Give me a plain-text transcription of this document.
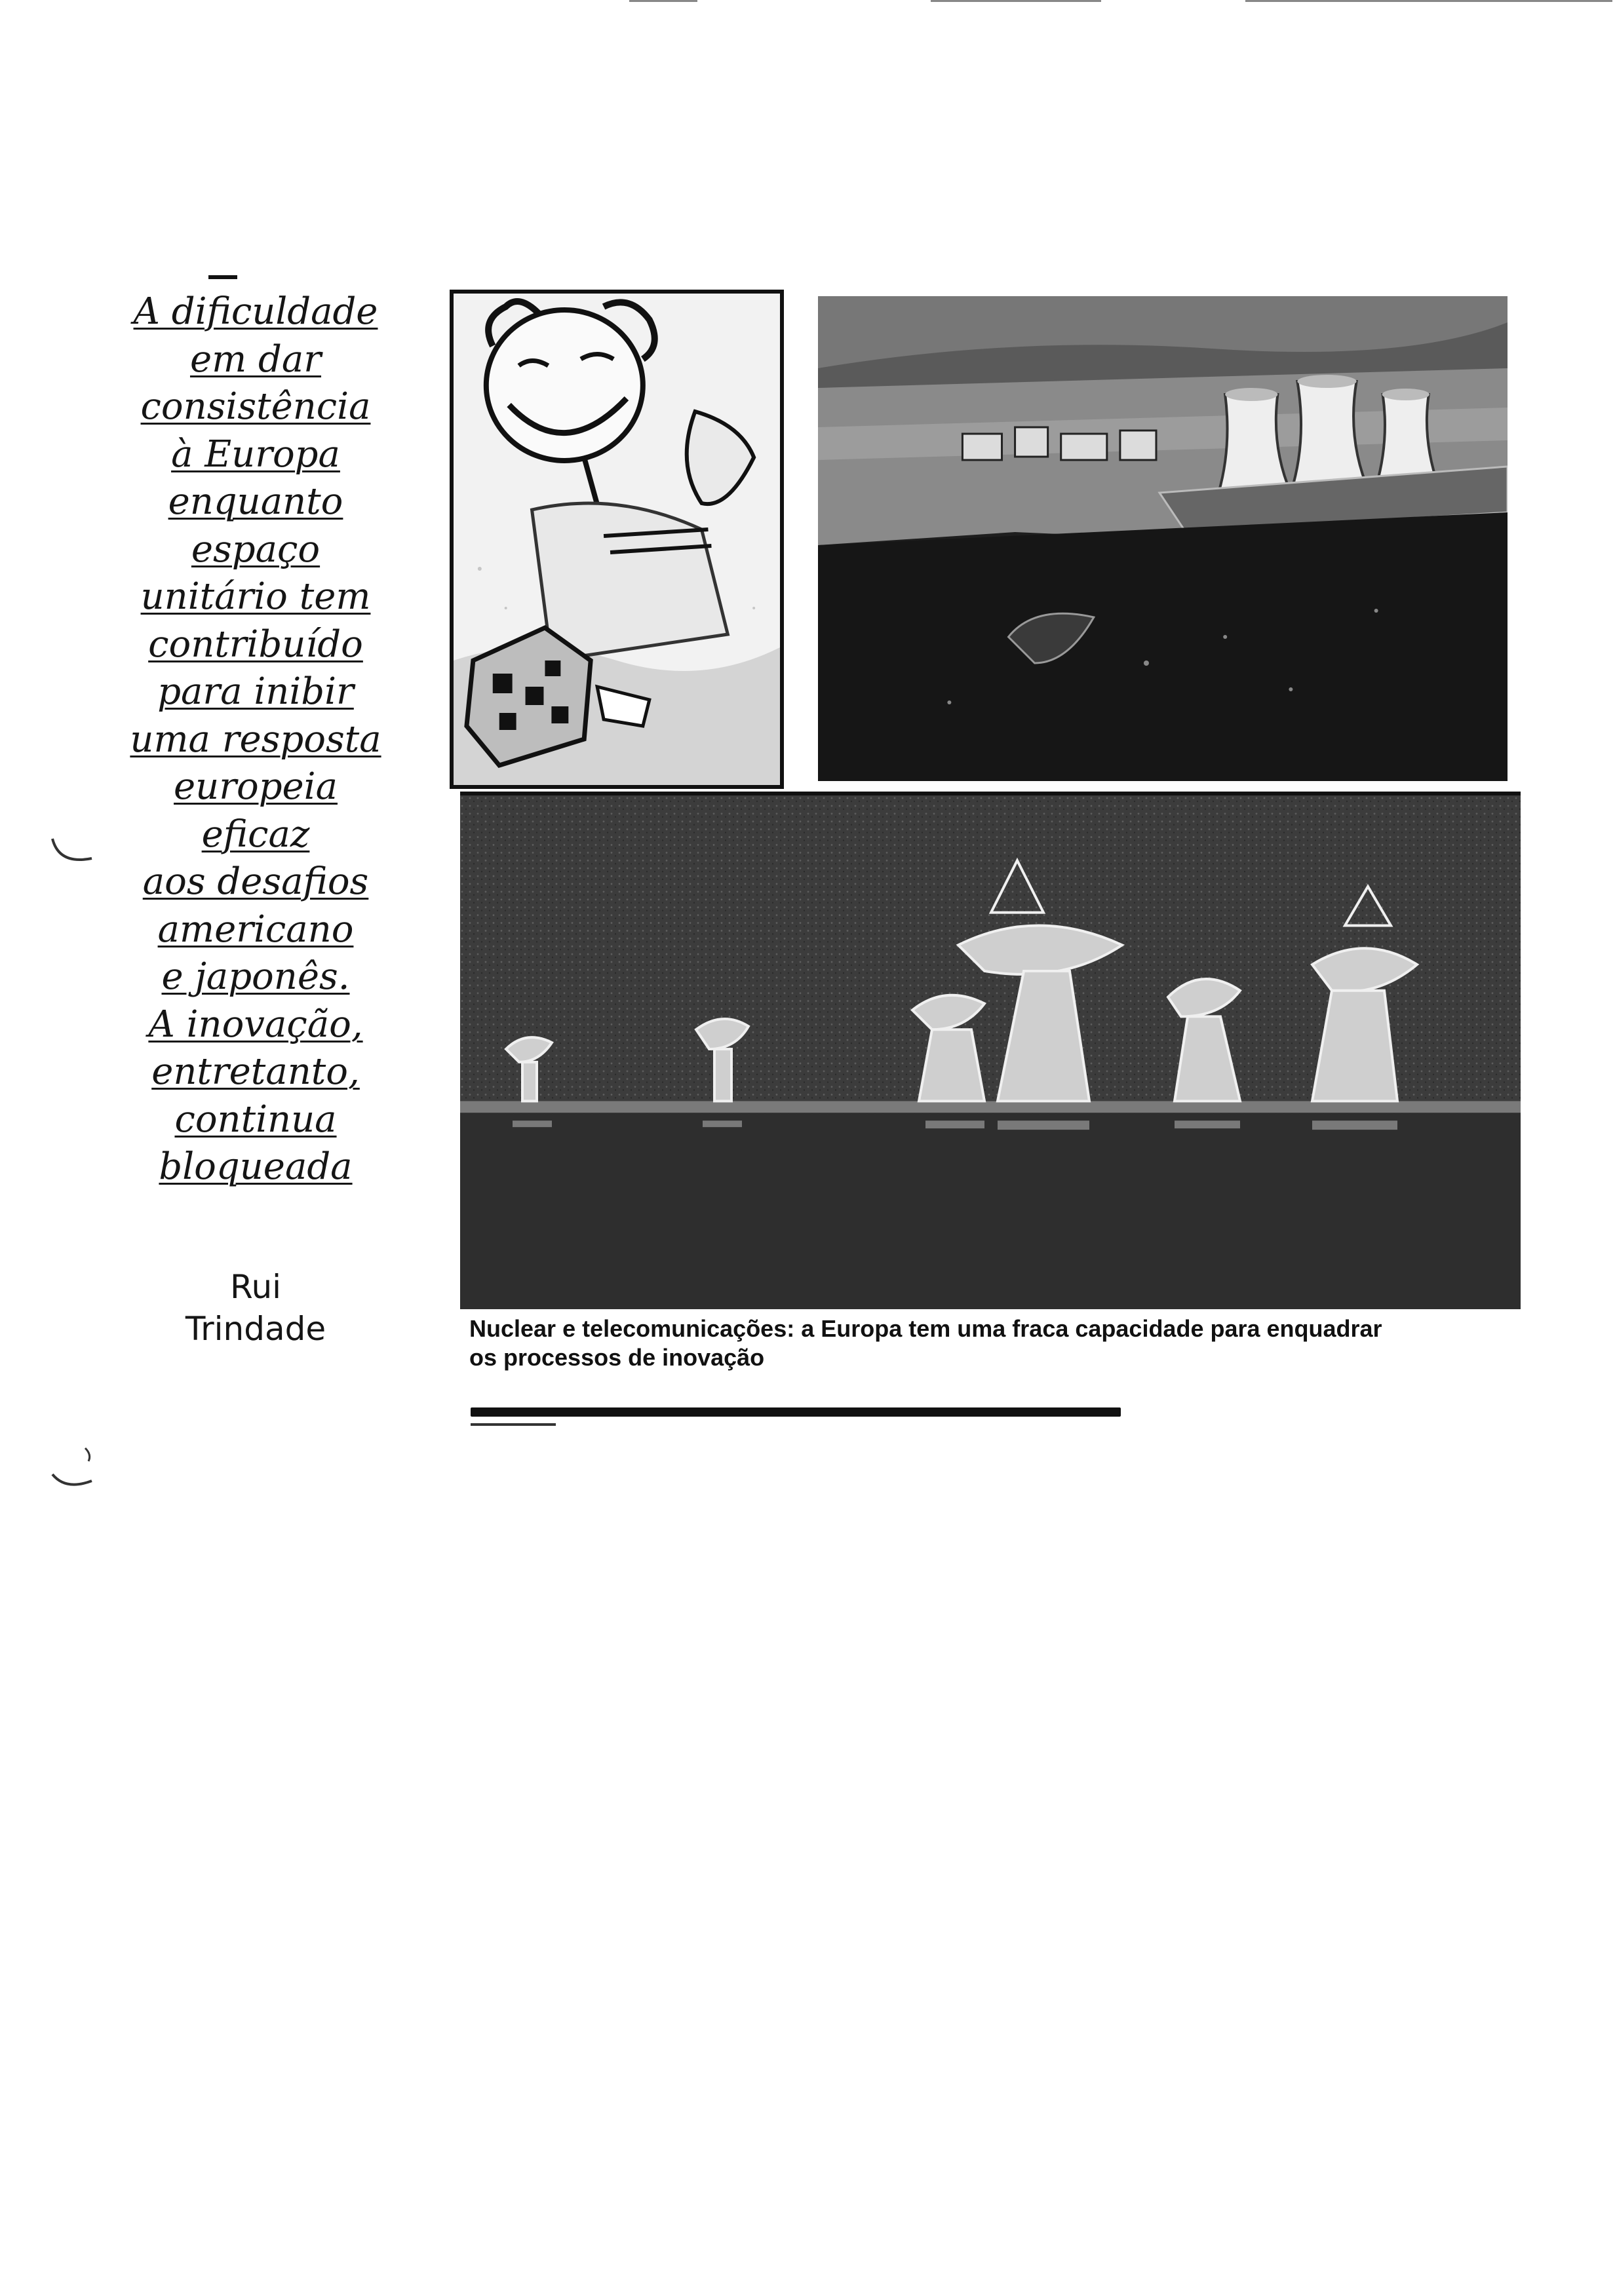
A dificuldade
em dar
consistência
à Europa
enquanto
espaço
unitário tem
contribuído
para inibir
uma resposta
europeia
eficaz
aos desafios
americano
e japonês.
A inovação,
entretanto,
continua
bloqueada
Rui
Trindade	Nuclear e telecomunicações: a Europa tem uma fraca capacidade para enquadrar
os processos de inovação
